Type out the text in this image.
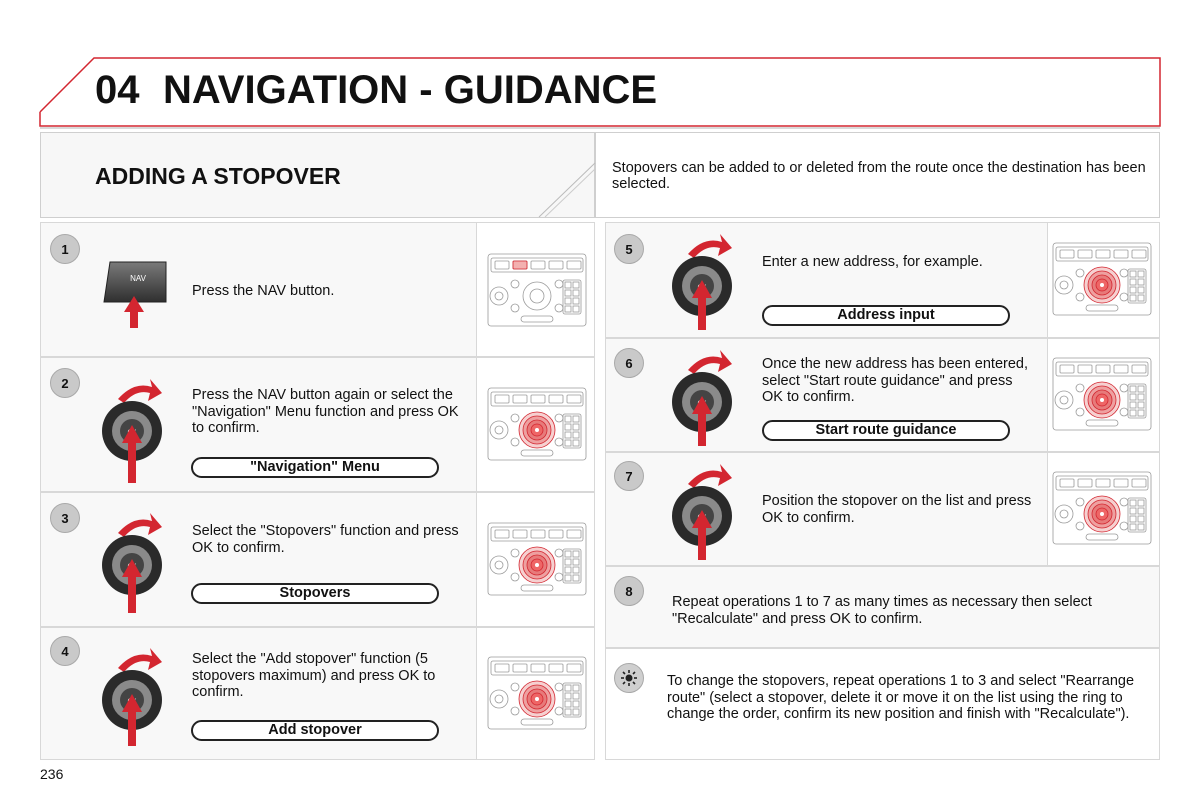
04 NAVIGATION - GUIDANCE
ADDING A STOPOVER	Stopovers can be added to or deleted from the route once the destination has been selected.
1
2
3
4
5
6
7
8
NAV
Press the NAV button.
Press the NAV button again or select the "Navigation" Menu function and press OK to confirm.
Select the "Stopovers" function and press OK to confirm.
Select the "Add stopover" function (5 stopovers maximum) and press OK to confirm.
Enter a new address, for example.
Once the new address has been entered, select "Start route guidance" and press OK to confirm.
Position the stopover on the list and press OK to confirm.
Repeat operations 1 to 7 as many times as necessary then select "Recalculate" and press OK to confirm.
To change the stopovers, repeat operations 1 to 3 and select "Rearrange route" (select a stopover, delete it or move it on the list using the ring to change the order, confirm its new position and finish with "Recalculate").
"Navigation" Menu
Stopovers
Add stopover
Address input
Start route guidance
236
